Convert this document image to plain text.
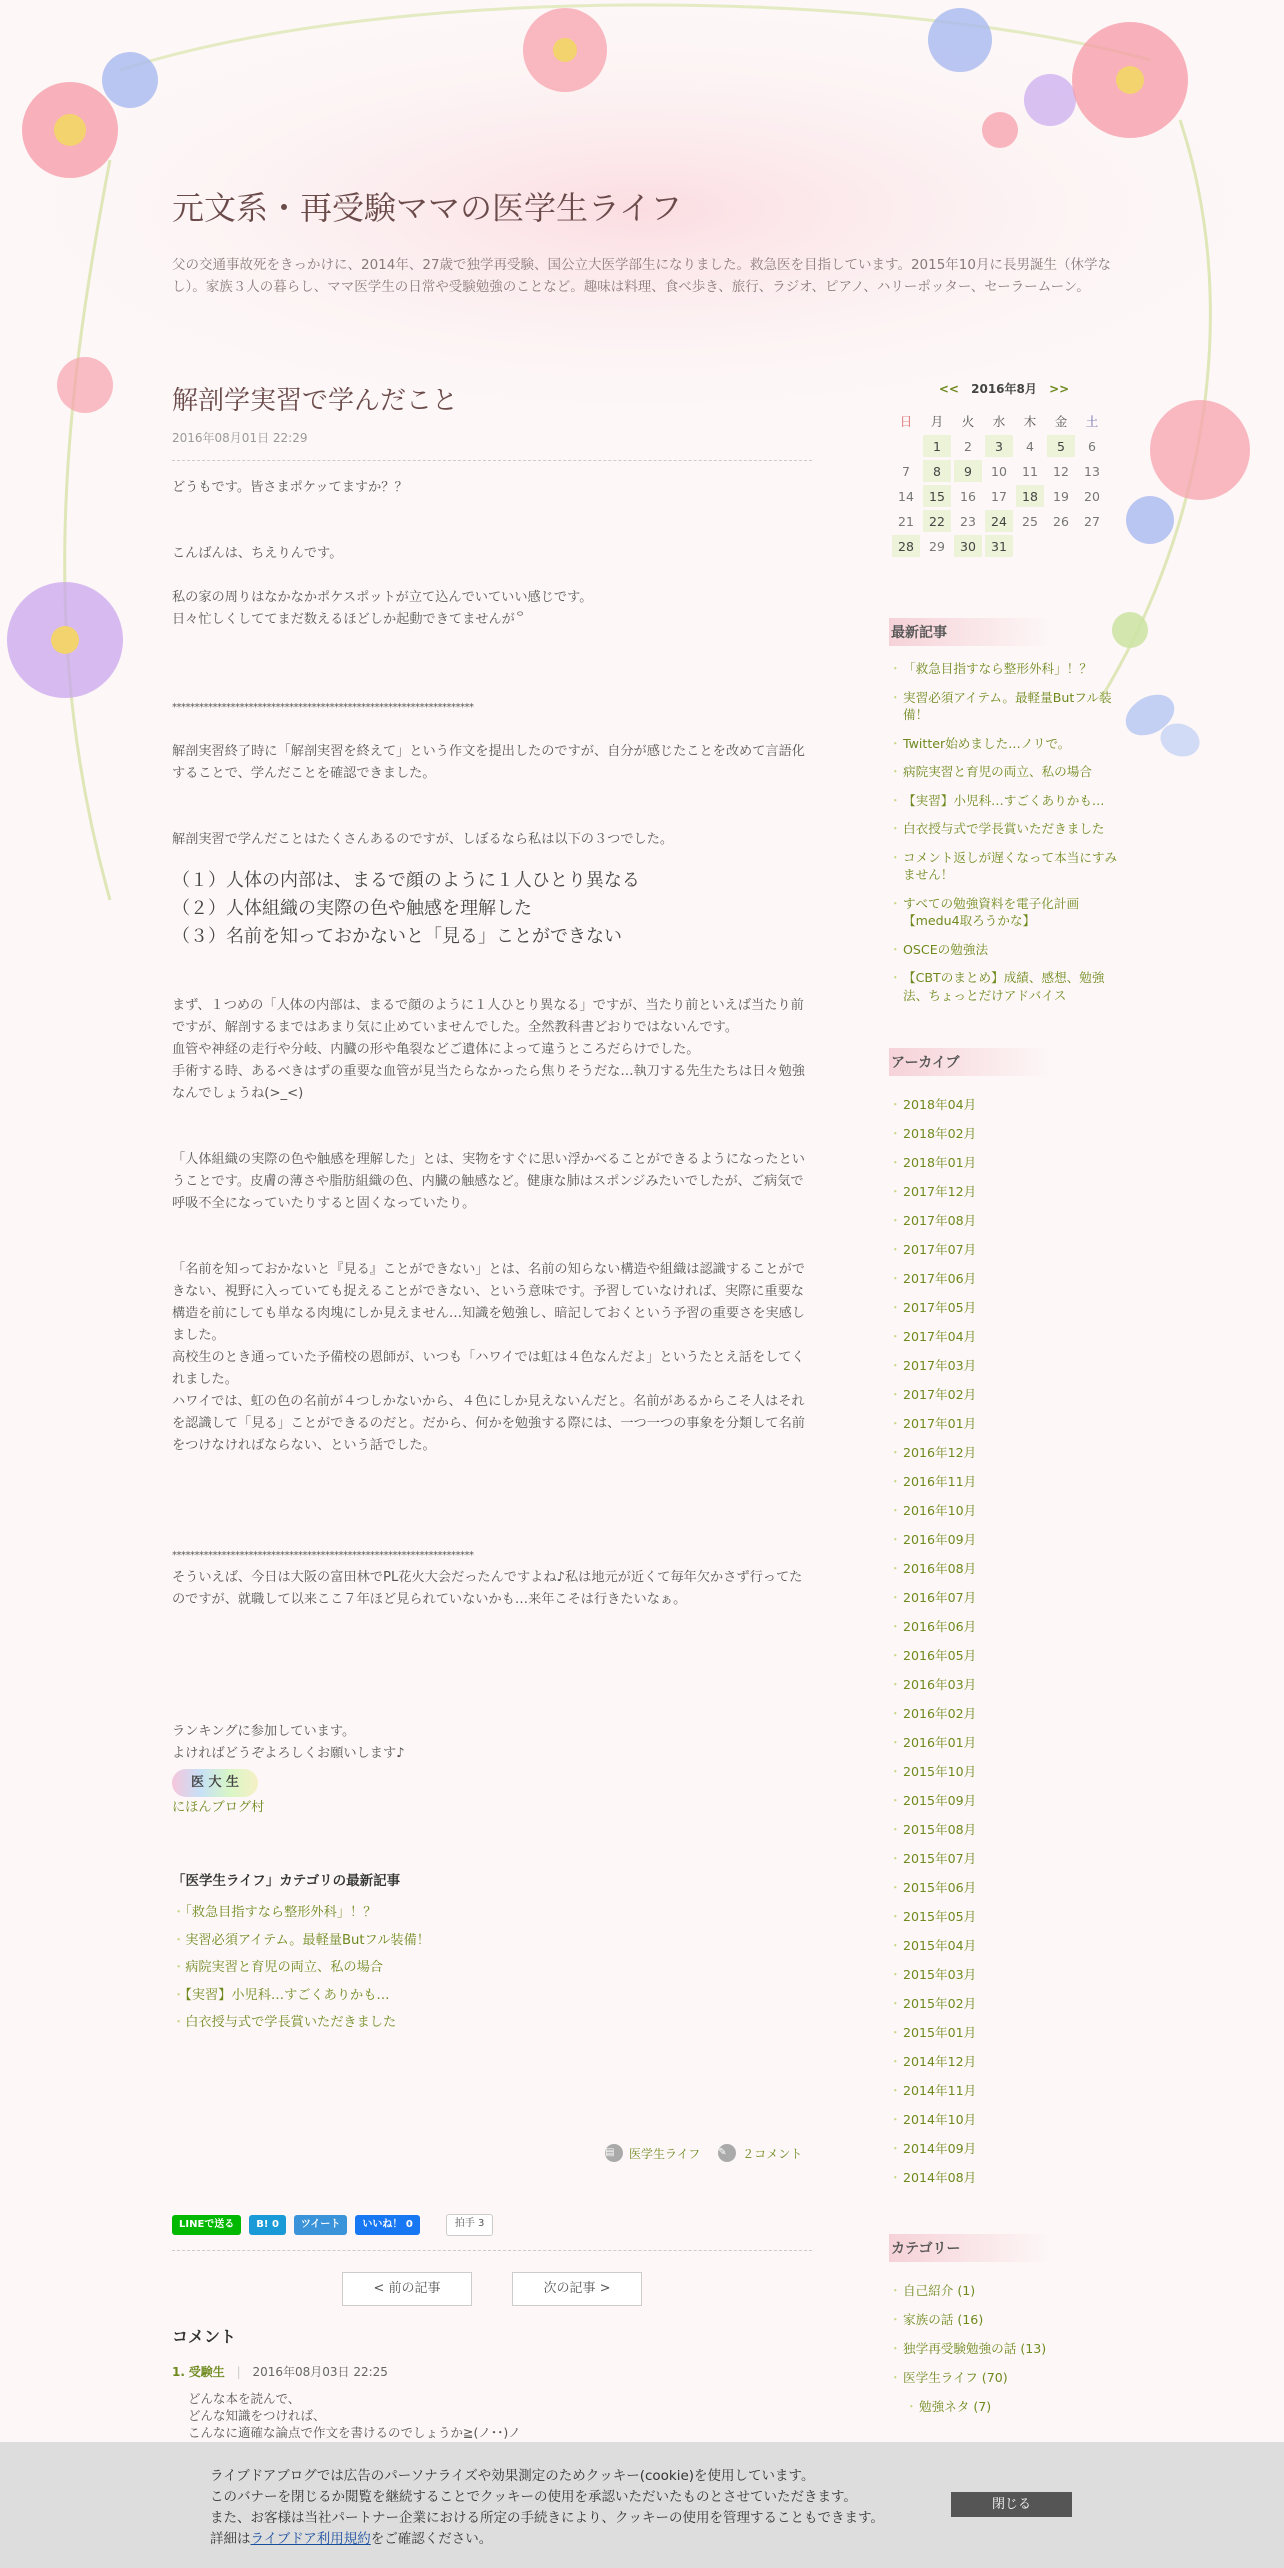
元文系・再受験ママの医学生ライフ

父の交通事故死をきっかけに、2014年、27歳で独学再受験、国公立大医学部生になりました。救急医を目指しています。2015年10月に長男誕生（休学なし）。家族３人の暮らし、ママ医学生の日常や受験勉強のことなど。趣味は料理、食べ歩き、旅行、ラジオ、ピアノ、ハリーポッター、セーラームーン。

解剖学実習で学んだこと
2016年08月01日 22:29

どうもです。皆さまポケッてますか？？

こんばんは、ちえりんです。

私の家の周りはなかなかポケスポットが立て込んでいていい感じです。
日々忙しくしててまだ数えるほどしか起動できてませんが꒪

*******************************************************************

解剖実習終了時に「解剖実習を終えて」という作文を提出したのですが、自分が感じたことを改めて言語化することで、学んだことを確認できました。

解剖実習で学んだことはたくさんあるのですが、しぼるなら私は以下の３つでした。

（１）人体の内部は、まるで顔のように１人ひとり異なる

（２）人体組織の実際の色や触感を理解した

（３）名前を知っておかないと「見る」ことができない

まず、１つめの「人体の内部は、まるで顔のように１人ひとり異なる」ですが、当たり前といえば当たり前ですが、解剖するまではあまり気に止めていませんでした。全然教科書どおりではないんです。
血管や神経の走行や分岐、内臓の形や亀裂などご遺体によって違うところだらけでした。
手術する時、あるべきはずの重要な血管が見当たらなかったら焦りそうだな…執刀する先生たちは日々勉強なんでしょうね(>_<)

「人体組織の実際の色や触感を理解した」とは、実物をすぐに思い浮かべることができるようになったということです。皮膚の薄さや脂肪組織の色、内臓の触感など。健康な肺はスポンジみたいでしたが、ご病気で呼吸不全になっていたりすると固くなっていたり。

「名前を知っておかないと『見る』ことができない」とは、名前の知らない構造や組織は認識することができない、視野に入っていても捉えることができない、という意味です。予習していなければ、実際に重要な構造を前にしても単なる肉塊にしか見えません…知識を勉強し、暗記しておくという予習の重要さを実感しました。
高校生のとき通っていた予備校の恩師が、いつも「ハワイでは虹は４色なんだよ」というたとえ話をしてくれました。
ハワイでは、虹の色の名前が４つしかないから、４色にしか見えないんだと。名前があるからこそ人はそれを認識して「見る」ことができるのだと。だから、何かを勉強する際には、一つ一つの事象を分類して名前をつけなければならない、という話でした。

*******************************************************************

そういえば、今日は大阪の富田林でPL花火大会だったんですよね♪私は地元が近くて毎年欠かさず行ってたのですが、就職して以来ここ７年ほど見られていないかも…来年こそは行きたいなぁ。

ランキングに参加しています。
よければどうぞよろしくお願いします♪

医 大 生

にほんブログ村

「医学生ライフ」カテゴリの最新記事
・ 「救急目指すなら整形外科」！？
・ 実習必須アイテム。最軽量Butフル装備！
・ 病院実習と育児の両立、私の場合
・ 【実習】小児科…すごくありかも…
・ 白衣授与式で学長賞いただきました
▤	医学生ライフ ✎	２コメント
LINEで送る	B! 0	ツイート	いいね！ 0	拍手 3
< 前の記事	次の記事 >
コメント
1. 受験生 | 2016年08月03日 22:25
どんな本を読んで、
どんな知識をつければ、
こんなに適確な論点で作文を書けるのでしょうか≧(ノ･･)ノ
<< 2016年8月 >>
日	月	火	水	木	金	土
	1	2	3	4	5	6
7	8	9	10	11	12	13
14	15	16	17	18	19	20
21	22	23	24	25	26	27
28	29	30	31			
最新記事
・ 「救急目指すなら整形外科」！？
・ 実習必須アイテム。最軽量Butフル装備！
・ Twitter始めました…ノリで。
・ 病院実習と育児の両立、私の場合
・ 【実習】小児科…すごくありかも…
・ 白衣授与式で学長賞いただきました
・ コメント返しが遅くなって本当にすみません！
・ すべての勉強資料を電子化計画【medu4取ろうかな】
・ OSCEの勉強法
・ 【CBTのまとめ】成績、感想、勉強法、ちょっとだけアドバイス
アーカイブ
・ 2018年04月
・ 2018年02月
・ 2018年01月
・ 2017年12月
・ 2017年08月
・ 2017年07月
・ 2017年06月
・ 2017年05月
・ 2017年04月
・ 2017年03月
・ 2017年02月
・ 2017年01月
・ 2016年12月
・ 2016年11月
・ 2016年10月
・ 2016年09月
・ 2016年08月
・ 2016年07月
・ 2016年06月
・ 2016年05月
・ 2016年03月
・ 2016年02月
・ 2016年01月
・ 2015年10月
・ 2015年09月
・ 2015年08月
・ 2015年07月
・ 2015年06月
・ 2015年05月
・ 2015年04月
・ 2015年03月
・ 2015年02月
・ 2015年01月
・ 2014年12月
・ 2014年11月
・ 2014年10月
・ 2014年09月
・ 2014年08月
カテゴリー
・ 自己紹介 (1)
・ 家族の話 (16)
・ 独学再受験勉強の話 (13)
・ 医学生ライフ (70)
・ 勉強ネタ (7)

ライブドアブログでは広告のパーソナライズや効果測定のためクッキー(cookie)を使用しています。
このバナーを閉じるか閲覧を継続することでクッキーの使用を承認いただいたものとさせていただきます。
また、お客様は当社パートナー企業における所定の手続きにより、クッキーの使用を管理することもできます。
詳細はライブドア利用規約をご確認ください。

閉じる
